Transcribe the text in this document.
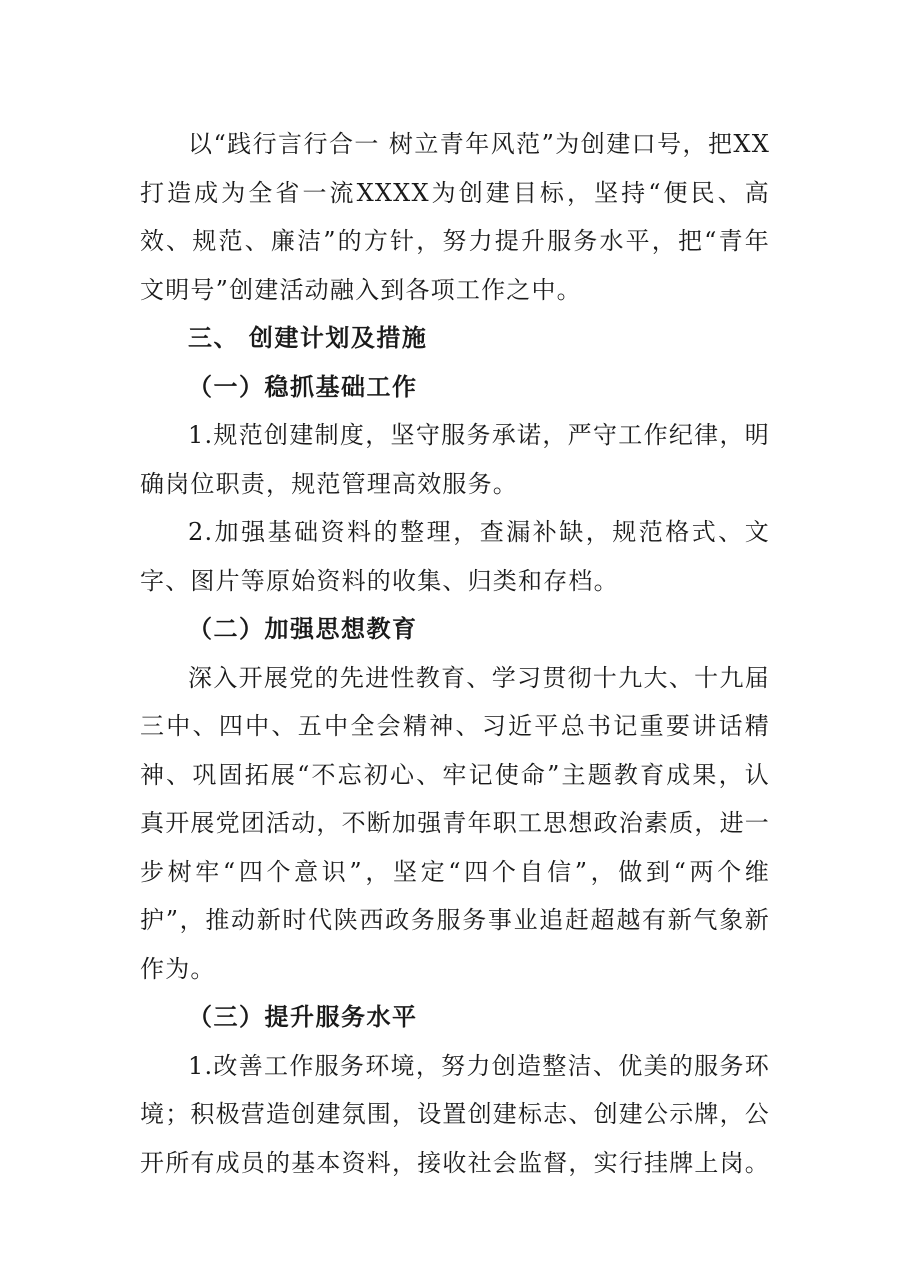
以“践行言行合一 树立青年风范”为创建口号，把XX打造成为全省一流XXXX为创建目标，坚持“便民、高效、规范、廉洁”的方针，努力提升服务水平，把“青年文明号”创建活动融入到各项工作之中。

三、 创建计划及措施
（一）稳抓基础工作

1.规范创建制度，坚守服务承诺，严守工作纪律，明确岗位职责，规范管理高效服务。

2.加强基础资料的整理，查漏补缺，规范格式、文字、图片等原始资料的收集、归类和存档。

（二）加强思想教育

深入开展党的先进性教育、学习贯彻十九大、十九届三中、四中、五中全会精神、习近平总书记重要讲话精神、巩固拓展“不忘初心、牢记使命”主题教育成果，认真开展党团活动，不断加强青年职工思想政治素质，进一步树牢“四个意识”，坚定“四个自信”，做到“两个维护”，推动新时代陕西政务服务事业追赶超越有新气象新作为。

（三）提升服务水平

1.改善工作服务环境，努力创造整洁、优美的服务环境；积极营造创建氛围，设置创建标志、创建公示牌，公开所有成员的基本资料，接收社会监督，实行挂牌上岗。
